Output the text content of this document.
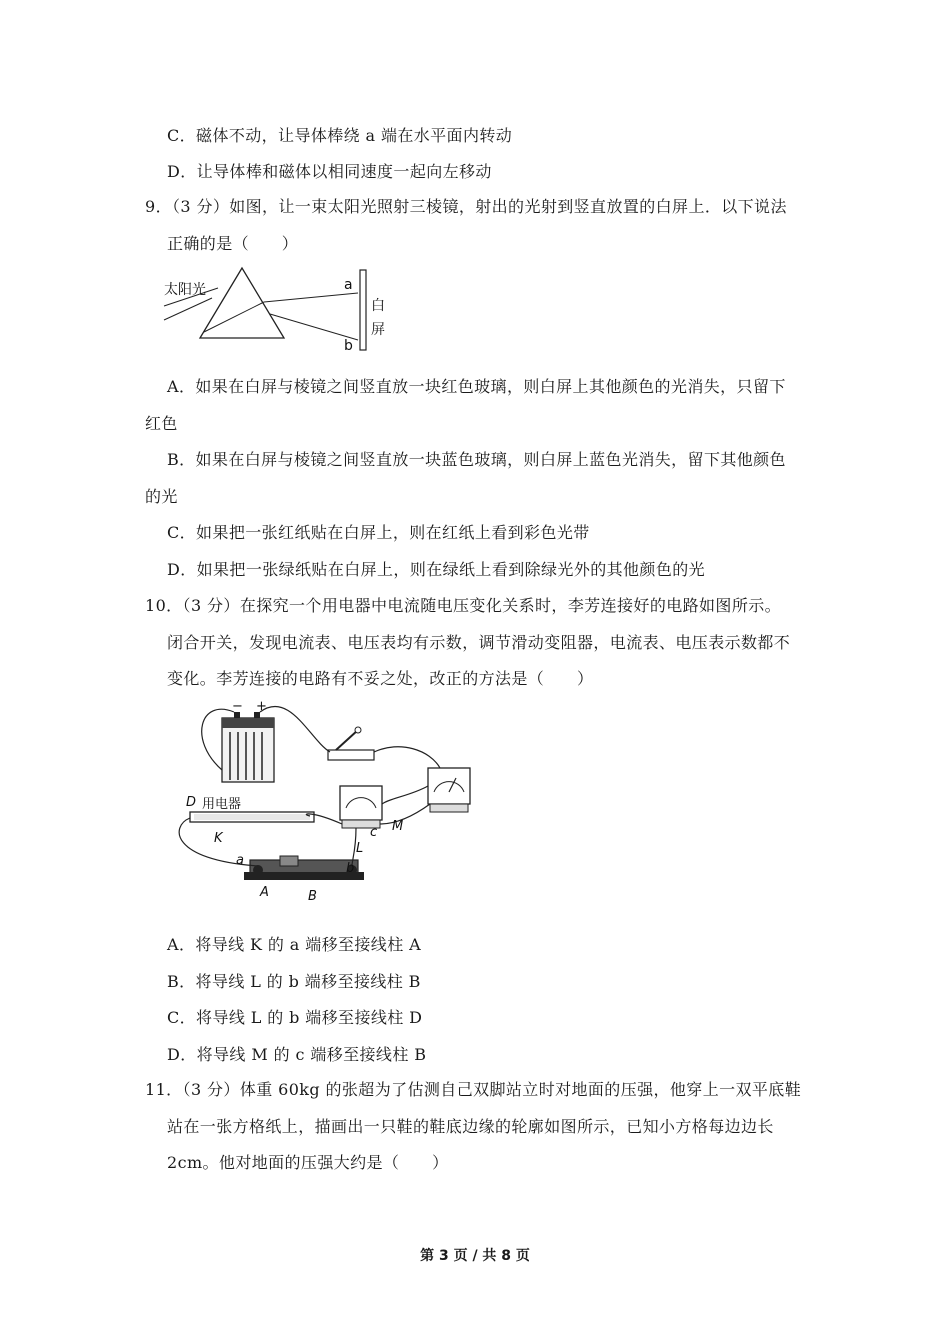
C．磁体不动，让导体棒绕 a 端在水平面内转动
D．让导体棒和磁体以相同速度一起向左移动
9．（3 分）如图，让一束太阳光照射三棱镜，射出的光射到竖直放置的白屏上．以下说法
正确的是（　　）
太阳光	a
b
白
屏
A．如果在白屏与棱镜之间竖直放一块红色玻璃，则白屏上其他颜色的光消失，只留下
红色
B．如果在白屏与棱镜之间竖直放一块蓝色玻璃，则白屏上蓝色光消失，留下其他颜色
的光
C．如果把一张红纸贴在白屏上，则在红纸上看到彩色光带
D．如果把一张绿纸贴在白屏上，则在绿纸上看到除绿光外的其他颜色的光
10．（3 分）在探究一个用电器中电流随电压变化关系时，李芳连接好的电路如图所示。
闭合开关，发现电流表、电压表均有示数，调节滑动变阻器，电流表、电压表示数都不
变化。李芳连接的电路有不妥之处，改正的方法是（　　）
− +
D 用电器
K
a
L
b
c M
A	B
A．将导线 K 的 a 端移至接线柱 A
B．将导线 L 的 b 端移至接线柱 B
C．将导线 L 的 b 端移至接线柱 D
D．将导线 M 的 c 端移至接线柱 B
11．（3 分）体重 60kg 的张超为了估测自己双脚站立时对地面的压强，他穿上一双平底鞋
站在一张方格纸上，描画出一只鞋的鞋底边缘的轮廓如图所示，已知小方格每边边长
2cm。他对地面的压强大约是（　　）
第 3 页 / 共 8 页
